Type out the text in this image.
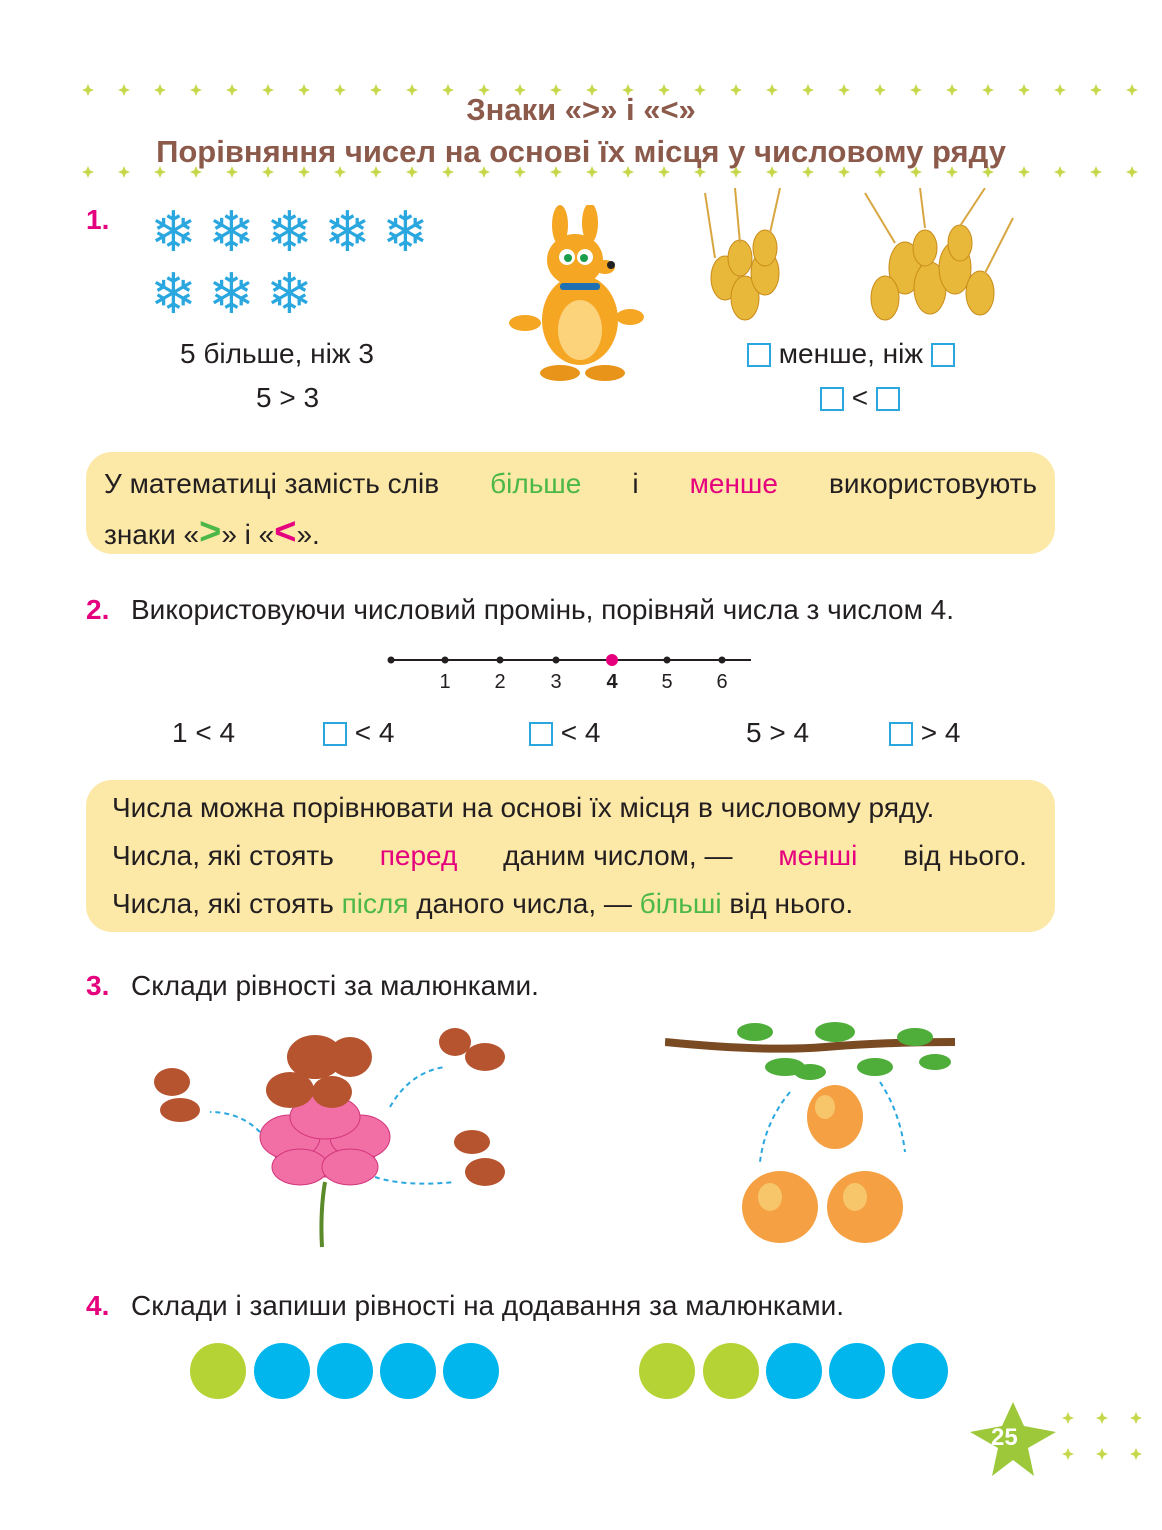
Знаки «>» і «<»
Порівняння чисел на основі їх місця у числовому ряду
1. ❄ ❄ ❄ ❄ ❄
❄ ❄ ❄
5 більше, ніж 3
5 > 3
менше, ніж
<
У математиці замість слів більше і менше використовують
знаки «>» і «<».
2. Використовуючи числовий промінь, порівняй числа з числом 4.
1 2 3 4 5 6
1 < 4	< 4	< 4	5 > 4	> 4
Числа можна порівнювати на основі їх місця в числовому ряду.
Числа, які стоять перед даним числом, — менші від нього.
Числа, які стоять після даного числа, — більші від нього.
3. Склади рівності за малюнками.
4. Склади і запиши рівності на додавання за малюнками.
25
